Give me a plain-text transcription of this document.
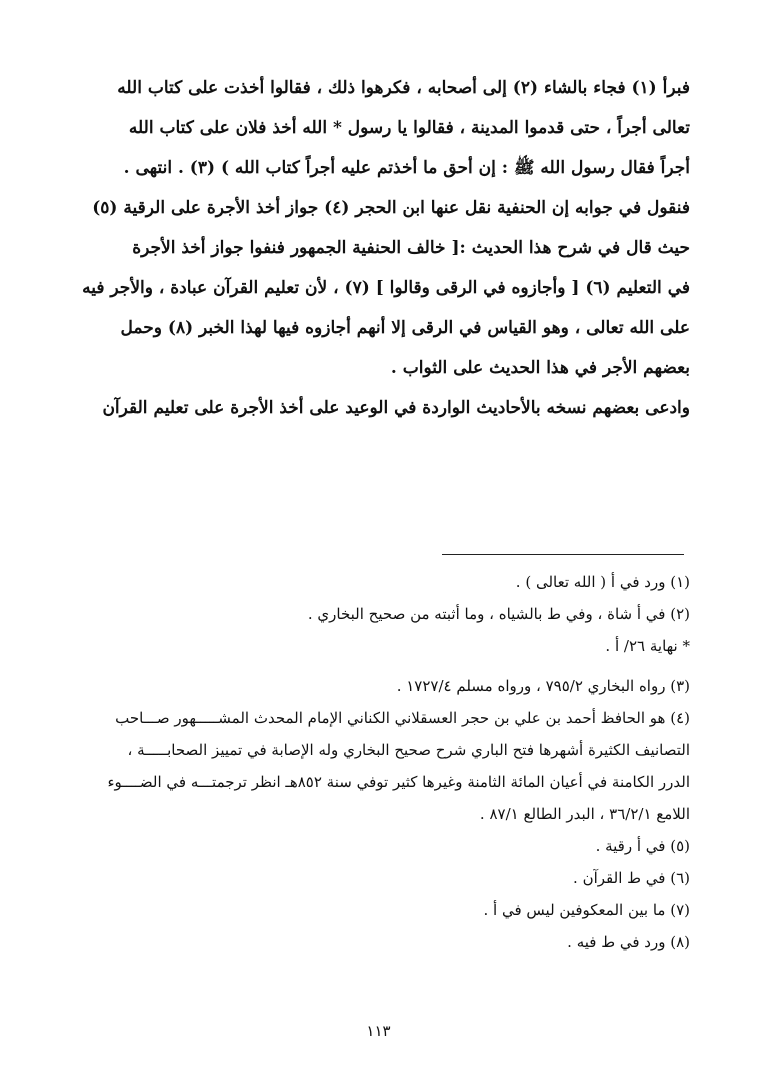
فبرأ (١) فجاء بالشاء (٢) إلى أصحابه ، فكرهوا ذلك ، فقالوا أخذت على كتاب الله
تعالى أجراً ، حتى قدموا المدينة ، فقالوا يا رسول * الله أخذ فلان على كتاب الله
أجراً فقال رسول الله ﷺ : إن أحق ما أخذتم عليه أجراً كتاب الله ) (٣) . انتهى .
فنقول في جوابه إن الحنفية نقل عنها ابن الحجر (٤) جواز أخذ الأجرة على الرقية (٥)
حيث قال في شرح هذا الحديث :[ خالف الحنفية الجمهور فنفوا جواز أخذ الأجرة
في التعليم (٦) [ وأجازوه في الرقى وقالوا ] (٧) ، لأن تعليم القرآن عبادة ، والأجر فيه
على الله تعالى ، وهو القياس في الرقى إلا أنهم أجازوه فيها لهذا الخبر (٨) وحمل
بعضهم الأجر في هذا الحديث على الثواب .
وادعى بعضهم نسخه بالأحاديث الواردة في الوعيد على أخذ الأجرة على تعليم القرآن
(١) ورد في أ ( الله تعالى ) .
(٢) في أ شاة ، وفي ط بالشياه ، وما أثبته من صحيح البخاري .
* نهاية ٢٦/ أ .
(٣) رواه البخاري ٧٩٥/٢ ، ورواه مسلم ١٧٢٧/٤ .
(٤) هو الحافظ أحمد بن علي بن حجر العسقلاني الكناني الإمام المحدث المشـــــهور صـــاحب
التصانيف الكثيرة أشهرها فتح الباري شرح صحيح البخاري وله الإصابة في تمييز الصحابـــــة ،
الدرر الكامنة في أعيان المائة الثامنة وغيرها كثير توفي سنة ٨٥٢هـ انظر ترجمتـــه في الضــــوء
اللامع ٣٦/٢/١ ، البدر الطالع ٨٧/١ .
(٥) في أ رقية .
(٦) في ط القرآن .
(٧) ما بين المعكوفين ليس في أ .
(٨) ورد في ط فيه .
١١٣
